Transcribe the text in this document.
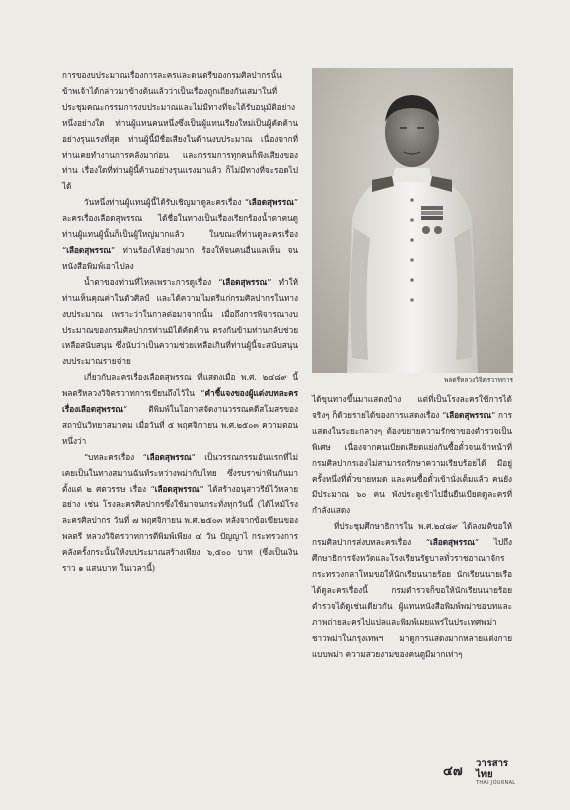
การของบประมาณเรื่องการละครและดนตรีของกรมศิลปากรนั้น ข้าพเจ้าได้กล่าวมาข้างต้นแล้วว่าเป็นเรื่องถูกเถียงกันเสมาในที่ประชุมคณะกรรมการงบประมาณและไม่มีทางที่จะได้รับอนุมัติอย่างหนึ่งอย่างใด ท่านผู้แทนคนหนึ่งซึ่งเป็นผู้แทนเรียงใหม่เป็นผู้คัดค้านอย่างรุนแรงที่สุด ท่านผู้นี้มีชื่อเสียงในด้านงบประมาณ เนื่องจากที่ท่านเคยทำงานการคลังมาก่อน และกรรมการทุกคนก็ฟังเสียงของท่าน เรื่องใดที่ท่านผู้นี้ค้านอย่างรุนแรงมาแล้ว ก็ไม่มีทางที่จะรอดไปได้

วันหนึ่งท่านผู้แทนผู้นี้ได้รับเชิญมาดูละครเรื่อง “เลือดสุพรรณ” ละครเรื่องเลือดสุพรรณ ได้ชื่อในทางเป็นเรื่องเรียกร้องน้ำตาคนดู ท่านผู้แทนผู้นั้นก็เป็นผู้ใหญ่มากแล้ว ในขณะที่ท่านดูละครเรื่อง “เลือดสุพรรณ” ท่านร้องไห้อย่างมาก ร้องให้จนคนอื่นแลเห็น จนหนังสือพิมพ์เอาไปลง

น้ำตาของท่านที่ไหลเพราะการดูเรื่อง “เลือดสุพรรณ” ทำให้ท่านเห็นคุณค่าในตัวศิลป์ และได้ความไมตรีแก่กรมศิลปากรในทางงบประมาณ เพราะว่าในกาลต่อมาจากนั้น เมื่อถึงการพิจารณางบประมาณของกรมศิลปากรท่านมิได้คัดค้าน ตรงกันข้ามท่านกลับช่วยเหลือสนับสนุน ซึ่งนับว่าเป็นความช่วยเหลือเกินที่ท่านผู้นี้จะสนับสนุนงบประมาณรายจ่าย

เกี่ยวกับละครเรื่องเลือดสุพรรณ ที่แสดงเมื่อ พ.ศ. ๒๔๘๙ นี้ พลตรีหลวงวิจิตรวาทการเขียนถึงไว้ใน “คำชี้แจงของผู้แต่งบทละครเรื่องเลือดสุพรรณ” ตีพิมพ์ในโอกาสจัดงานวรรณคดีสโมสรของสถาบันวิทยาสมาคม เมื่อวันที่ ๕ พฤศจิกายน พ.ศ.๒๕๐๓ ความตอนหนึ่งว่า

“บทละครเรื่อง “เลือดสุพรรณ” เป็นวรรณกรรมอันแรกที่ไม่เคยเป็นในทางสมานฉันท์ระหว่างพม่ากับไทย ซึ่งรบราฆ่าฟันกันมาตั้งแต่ ๒ ศตวรรษ เรื่อง “เลือดสุพรรณ” ได้สร้างอนุสาวรีย์ไว้หลายอย่าง เช่น โรงละครศิลปากรซึ่งใช้มาจนกระทั่งทุกวันนี้ (ได้ไหม้โรงละครศิลปากร วันที่ ๗ พฤศจิกายน พ.ศ.๒๕๐๓ หลังจากข้อเขียนของพลตรี หลวงวิจิตรวาทการตีพิมพ์เพียง ๔ วัน ปัญญาไ กระทรวงการคลังครั้งกระนั้นให้งบประมาณสร้างเพียง ๖,๕๐๐ บาท (ซึ่งเป็นเงินราว ๑ แสนบาท ในเวลานี้)

พลตรีหลวงวิจิตรวาทการ

ได้ขุนทางขึ้นมาแสดงบ้าง แต่ที่เป็นโรงละครใช้การได้จริงๆ ก็ด้วยรายได้ของการแสดงเรื่อง “เลือดสุพรรณ” การแสดงในระยะกลางๆ ต้องขยายความรักซาของตำรวจเป็นพิเศษ เนื่องจากคนเบียดเสียดแย่งกันซื้อตั๋วจนเจ้าหน้าที่กรมศิลปากรเองไม่สามารถรักษาความเรียบร้อยได้ มีอยู่ครั้งหนึ่งที่ตั๋วขายหมด และคนซื้อตั๋วเข้านั่งเต็มแล้ว คนยังมีประมาณ ๖๐ คน พังประตูเข้าไปอื่นยืนเบียดดูละครที่กำลังแสดง

ที่ประชุมศึกษาธิการใน พ.ศ.๒๔๘๙ ได้ลงมติขอให้กรมศิลปากรส่งบทละครเรื่อง “เลือดสุพรรณ” ไปถึงศึกษาธิการจังหวัดและโรงเรียนรัฐบาลทั่วราชอาณาจักร กระทรวงกลาโหมขอให้นักเรียนนายร้อย นักเรียนนายเรือได้ดูละครเรื่องนี้ กรมตำรวจก็ขอให้นักเรียนนายร้อยตำรวจได้ดูเช่นเดียวกัน ผู้แทนหนังสือพิมพ์พม่าขอบทและภาพถ่ายละครไปแปลและพิมพ์เผยแพร่ในประเทศพม่า ชาวพม่าในกรุงเทพฯ มาดูการแสดงมากหลายแต่งกายแบบพม่า ความสวยงามของคนดูมีมากเท่าๆ

๔๗
วารสารไทย
THAI JOURNAL
